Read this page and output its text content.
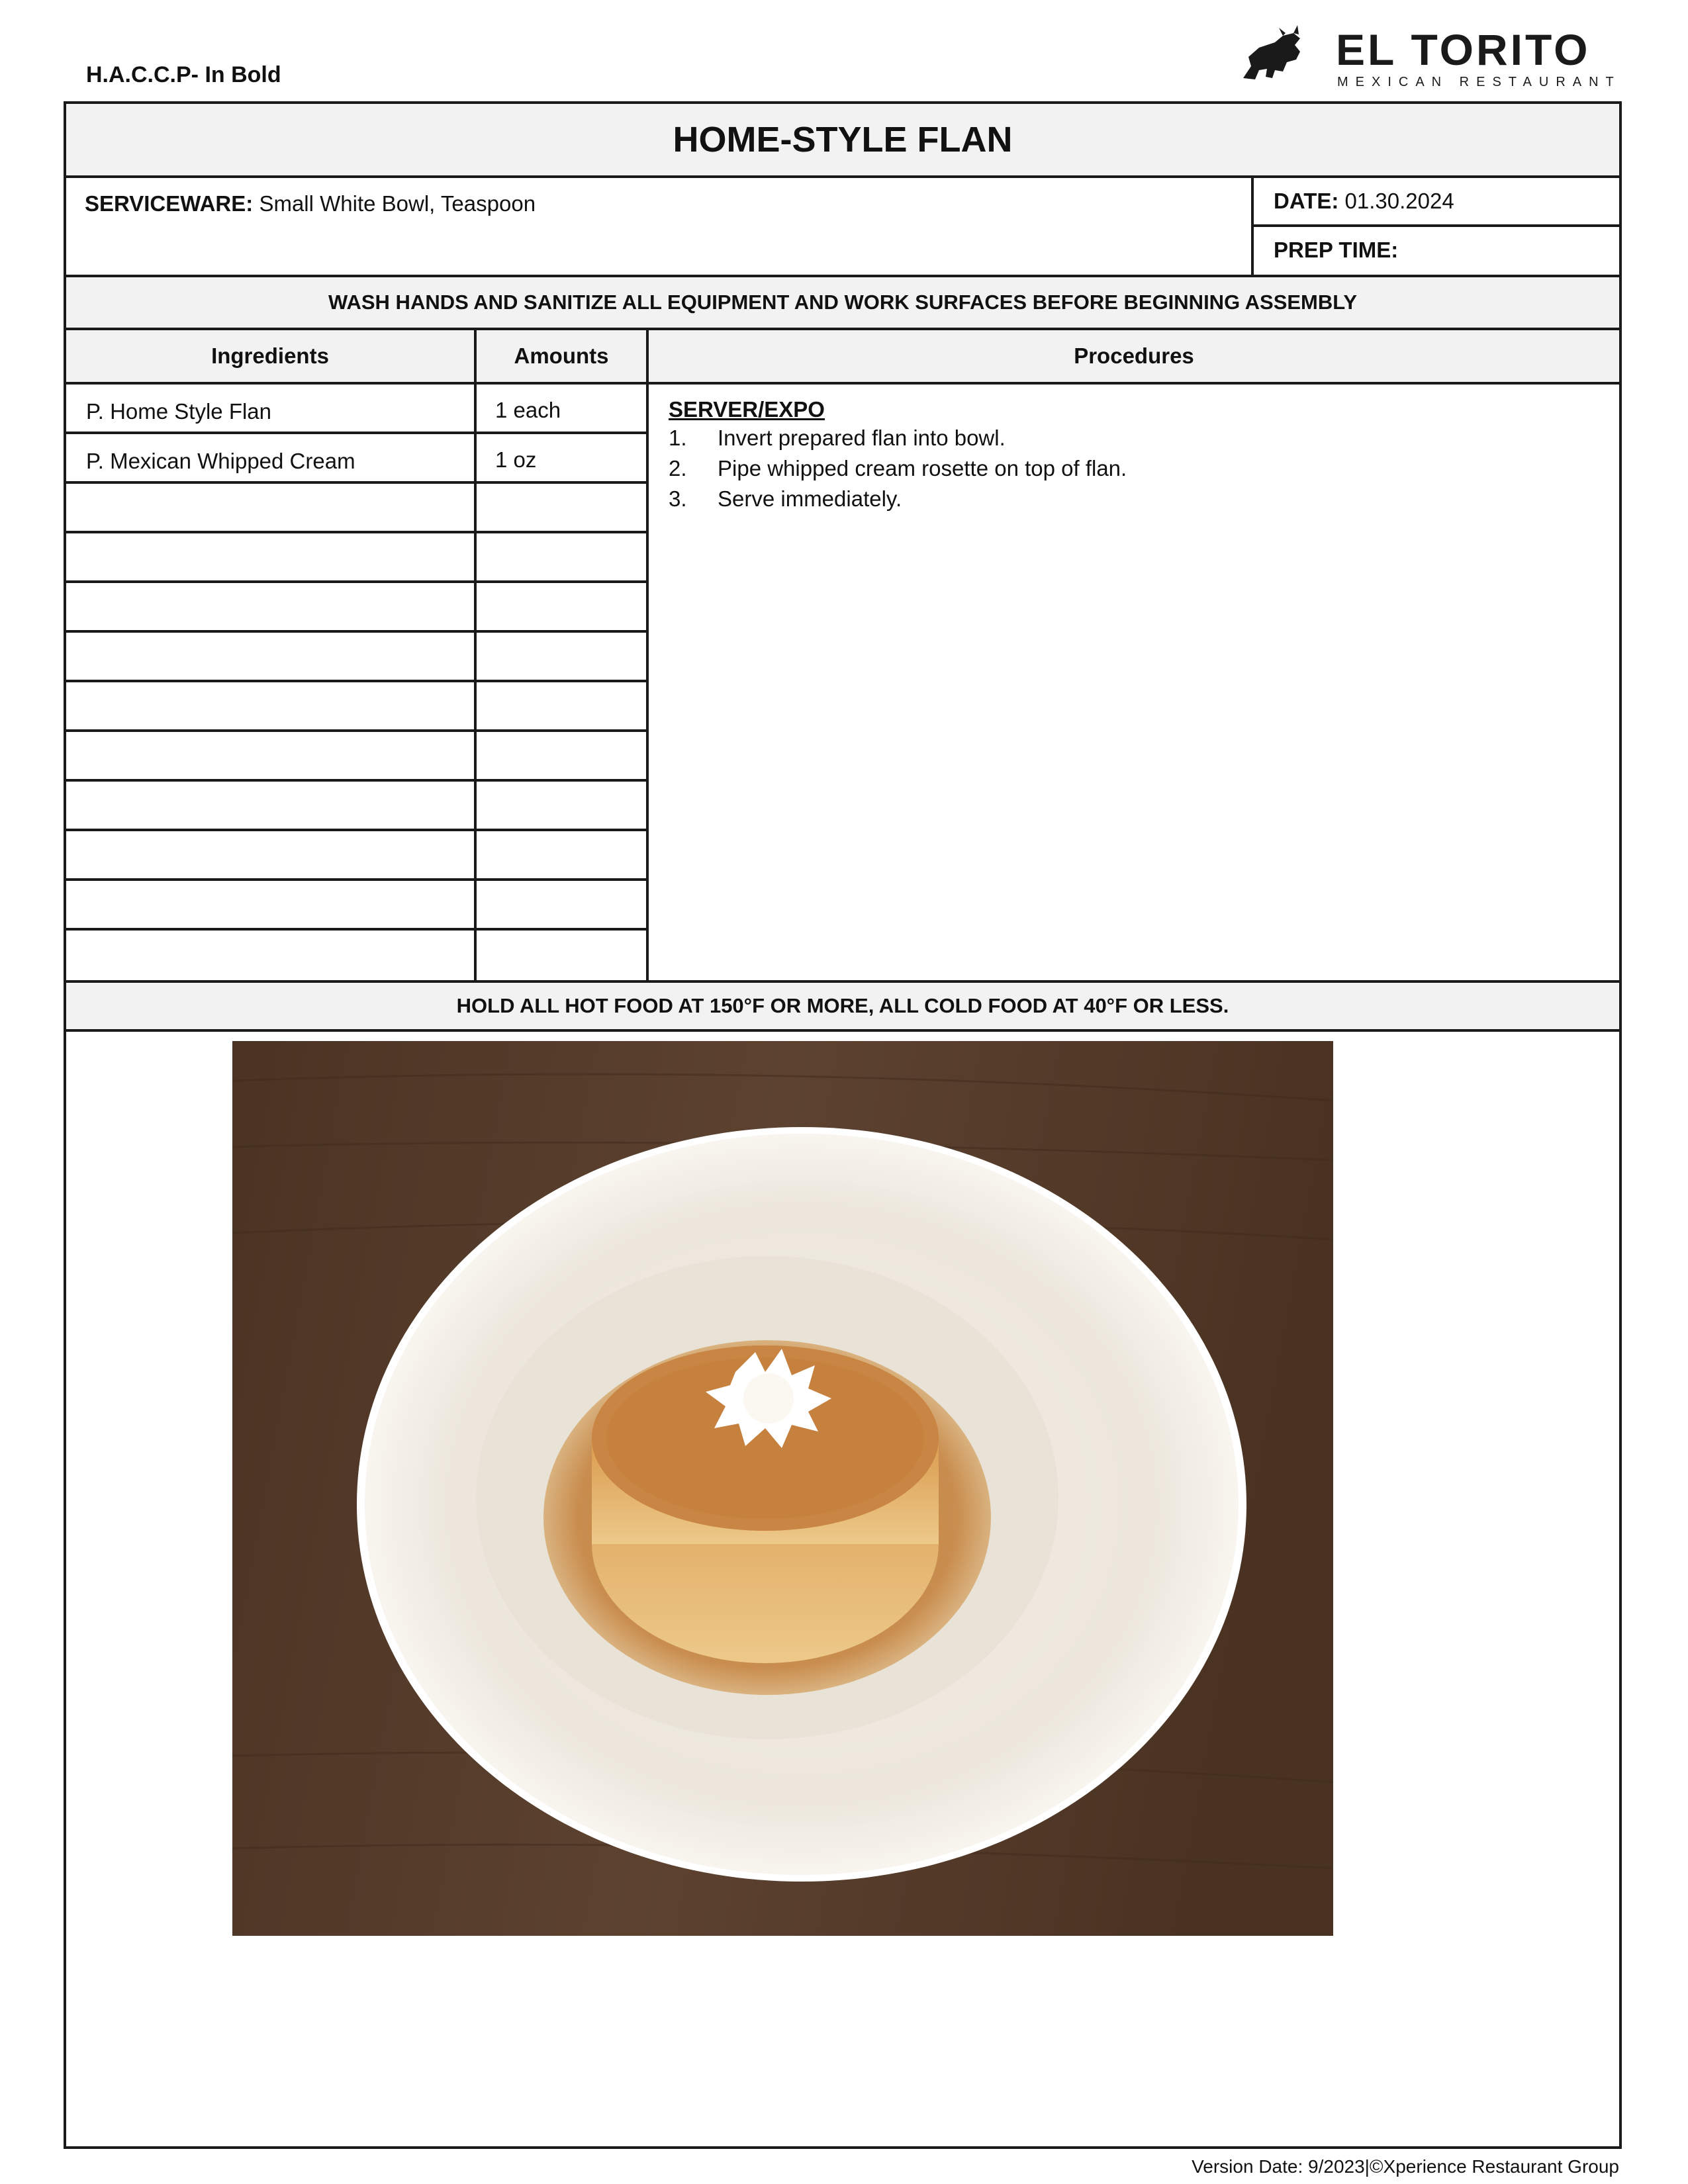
H.A.C.C.P- In Bold
EL TORITO
MEXICAN RESTAURANT
HOME-STYLE FLAN
SERVICEWARE: Small White Bowl, Teaspoon	DATE: 01.30.2024
PREP TIME:
WASH HANDS AND SANITIZE ALL EQUIPMENT AND WORK SURFACES BEFORE BEGINNING ASSEMBLY
Ingredients	Amounts	Procedures
P. Home Style Flan	1 each
P. Mexican Whipped Cream	1 oz
SERVER/EXPO
1.	Invert prepared flan into bowl.
2.	Pipe whipped cream rosette on top of flan.
3.	Serve immediately.
HOLD ALL HOT FOOD AT 150°F OR MORE, ALL COLD FOOD AT 40°F OR LESS.
Version Date: 9/2023|©Xperience Restaurant Group
